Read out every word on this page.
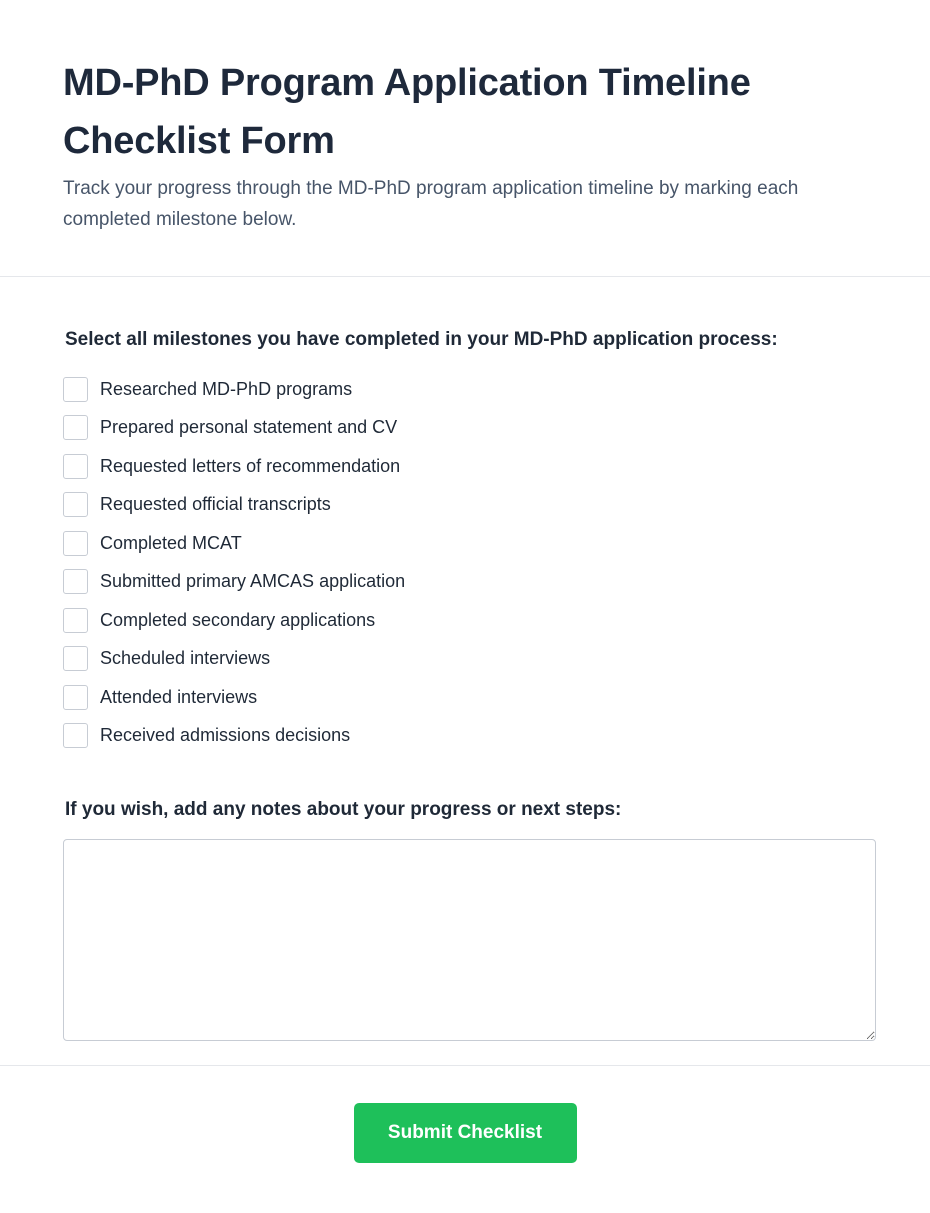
MD-PhD Program Application Timeline Checklist Form

Track your progress through the MD-PhD program application timeline by marking each completed milestone below.

Select all milestones you have completed in your MD-PhD application process:
Researched MD-PhD programs
Prepared personal statement and CV
Requested letters of recommendation
Requested official transcripts
Completed MCAT
Submitted primary AMCAS application
Completed secondary applications
Scheduled interviews
Attended interviews
Received admissions decisions
If you wish, add any notes about your progress or next steps:
Submit Checklist
